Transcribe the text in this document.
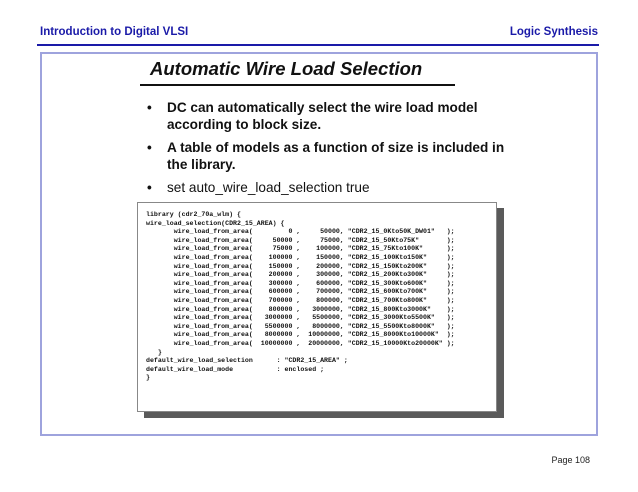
Introduction to Digital VLSI	Logic Synthesis
Automatic Wire Load Selection
• DC can automatically select the wire load model according to block size.
• A table of models as a function of size is included in the library.
• set auto_wire_load_selection true
library (cdr2_70a_wlm) {
wire_load_selection(CDR2_15_AREA) {
wire_load_from_area(         0 ,     50000, "CDR2_15_0Kto50K_DW01"   );
wire_load_from_area(     50000 ,     75000, "CDR2_15_50Kto75K"       );
wire_load_from_area(     75000 ,    100000, "CDR2_15_75Kto100K"      );
wire_load_from_area(    100000 ,    150000, "CDR2_15_100Kto150K"     );
wire_load_from_area(    150000 ,    200000, "CDR2_15_150Kto200K"     );
wire_load_from_area(    200000 ,    300000, "CDR2_15_200Kto300K"     );
wire_load_from_area(    300000 ,    600000, "CDR2_15_300Kto600K"     );
wire_load_from_area(    600000 ,    700000, "CDR2_15_600Kto700K"     );
wire_load_from_area(    700000 ,    800000, "CDR2_15_700Kto800K"     );
wire_load_from_area(    800000 ,   3000000, "CDR2_15_800Kto3000K"    );
wire_load_from_area(   3000000 ,   5500000, "CDR2_15_3000Kto5500K"   );
wire_load_from_area(   5500000 ,   8000000, "CDR2_15_5500Kto8000K"   );
wire_load_from_area(   8000000 ,  10000000, "CDR2_15_8000Kto10000K"  );
wire_load_from_area(  10000000 ,  20000000, "CDR2_15_10000Kto20000K" );
}
default_wire_load_selection      : "CDR2_15_AREA" ;
default_wire_load_mode           : enclosed ;
}
Page 108
